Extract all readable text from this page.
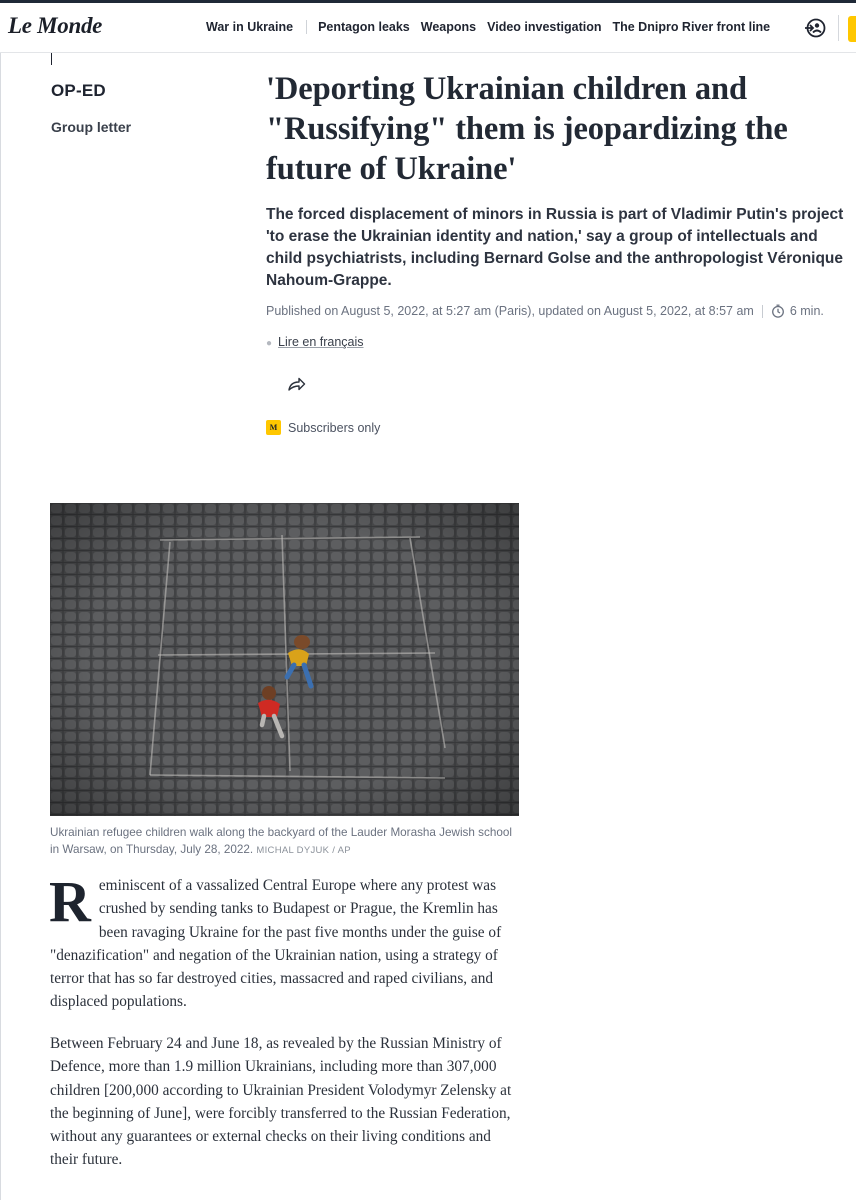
Le Monde	War in Ukraine	Pentagon leaks Weapons Video investigation The Dnipro River front line
OP-ED
Group letter
'Deporting Ukrainian children and "Russifying" them is jeopardizing the future of Ukraine'

The forced displacement of minors in Russia is part of Vladimir Putin's project 'to erase the Ukrainian identity and nation,' say a group of intellectuals and child psychiatrists, including Bernard Golse and the anthropologist Véronique Nahoum-Grappe.

Published on August 5, 2022, at 5:27 am (Paris), updated on August 5, 2022, at 8:57 am	6 min.
● Lire en français
M Subscribers only

Ukrainian refugee children walk along the backyard of the Lauder Morasha Jewish school in Warsaw, on Thursday, July 28, 2022. MICHAL DYJUK / AP

Reminiscent of a vassalized Central Europe where any protest was crushed by sending tanks to Budapest or Prague, the Kremlin has been ravaging Ukraine for the past five months under the guise of "denazification" and negation of the Ukrainian nation, using a strategy of terror that has so far destroyed cities, massacred and raped civilians, and displaced populations.

Between February 24 and June 18, as revealed by the Russian Ministry of Defence, more than 1.9 million Ukrainians, including more than 307,000 children [200,000 according to Ukrainian President Volodymyr Zelensky at the beginning of June], were forcibly transferred to the Russian Federation, without any guarantees or external checks on their living conditions and their future.
